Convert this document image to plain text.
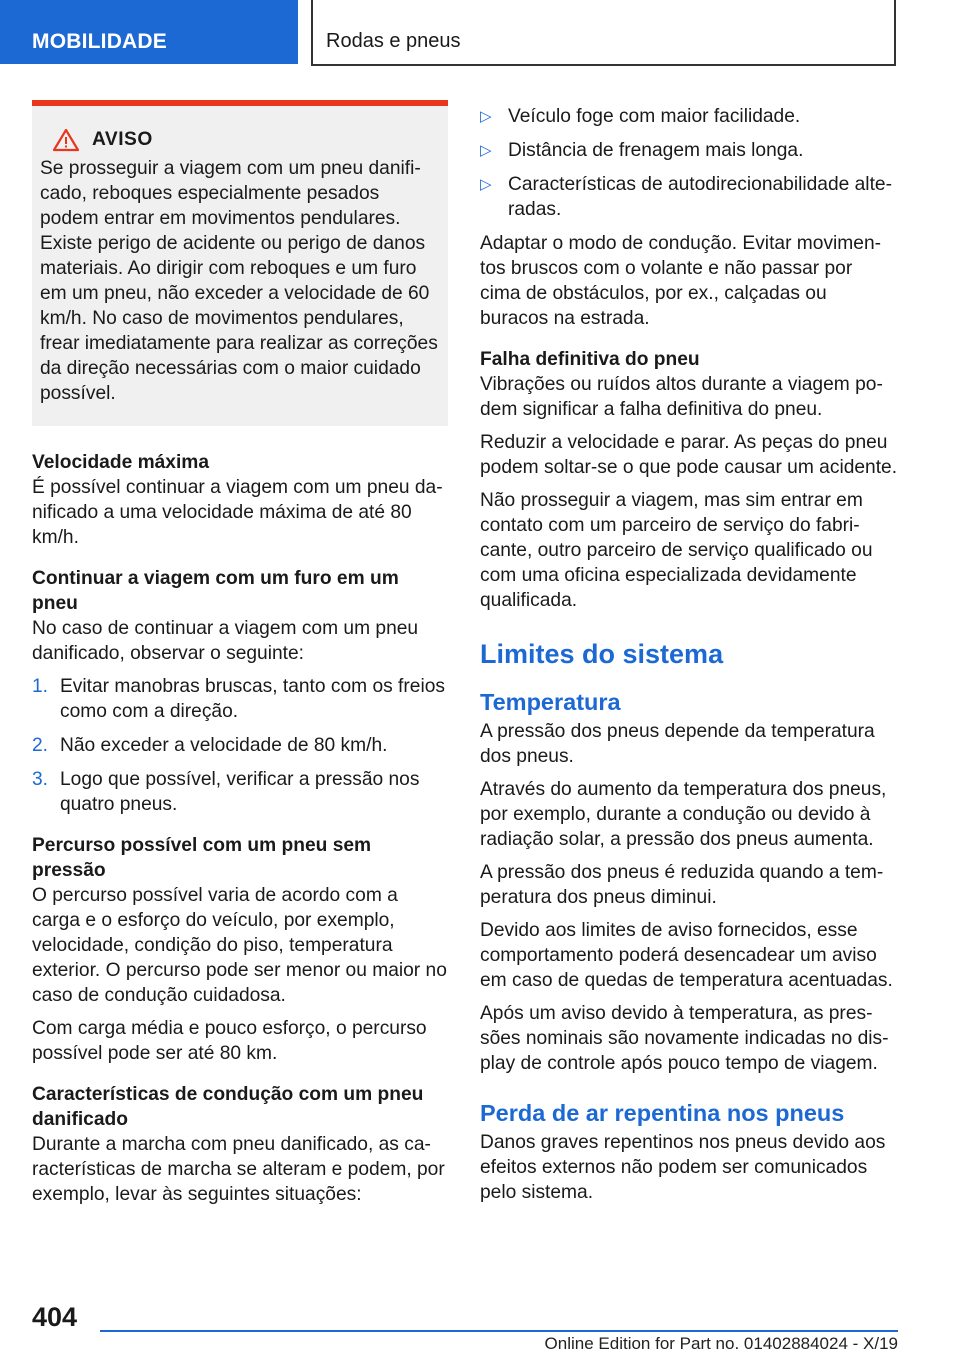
MOBILIDADE	Rodas e pneus
AVISO

Se prosseguir a viagem com um pneu danificado, reboques especialmente pesados podem entrar em movimentos pendulares. Existe perigo de acidente ou perigo de danos materiais. Ao dirigir com reboques e um furo em um pneu, não exceder a velocidade de 60 km/h. No caso de movimentos pendulares, frear imediatamente para realizar as correções da direção necessárias com o maior cuidado possível.

Velocidade máxima

É possível continuar a viagem com um pneu danificado a uma velocidade máxima de até 80 km/h.

Continuar a viagem com um furo em um pneu

No caso de continuar a viagem com um pneu danificado, observar o seguinte:

1. Evitar manobras bruscas, tanto com os freios como com a direção.
2. Não exceder a velocidade de 80 km/h.
3. Logo que possível, verificar a pressão nos quatro pneus.
Percurso possível com um pneu sem pressão

O percurso possível varia de acordo com a carga e o esforço do veículo, por exemplo, velocidade, condição do piso, temperatura exterior. O percurso pode ser menor ou maior no caso de condução cuidadosa.

Com carga média e pouco esforço, o percurso possível pode ser até 80 km.

Características de condução com um pneu danificado

Durante a marcha com pneu danificado, as características de marcha se alteram e podem, por exemplo, levar às seguintes situações:

▷ Veículo foge com maior facilidade.
▷ Distância de frenagem mais longa.
▷ Características de autodirecionabilidade alteradas.

Adaptar o modo de condução. Evitar movimentos bruscos com o volante e não passar por cima de obstáculos, por ex., calçadas ou buracos na estrada.

Falha definitiva do pneu

Vibrações ou ruídos altos durante a viagem podem significar a falha definitiva do pneu.

Reduzir a velocidade e parar. As peças do pneu podem soltar-se o que pode causar um acidente.

Não prosseguir a viagem, mas sim entrar em contato com um parceiro de serviço do fabricante, outro parceiro de serviço qualificado ou com uma oficina especializada devidamente qualificada.

Limites do sistema
Temperatura

A pressão dos pneus depende da temperatura dos pneus.

Através do aumento da temperatura dos pneus, por exemplo, durante a condução ou devido à radiação solar, a pressão dos pneus aumenta.

A pressão dos pneus é reduzida quando a temperatura dos pneus diminui.

Devido aos limites de aviso fornecidos, esse comportamento poderá desencadear um aviso em caso de quedas de temperatura acentuadas.

Após um aviso devido à temperatura, as pressões nominais são novamente indicadas no display de controle após pouco tempo de viagem.

Perda de ar repentina nos pneus

Danos graves repentinos nos pneus devido aos efeitos externos não podem ser comunicados pelo sistema.

404
Online Edition for Part no. 01402884024 - X/19
